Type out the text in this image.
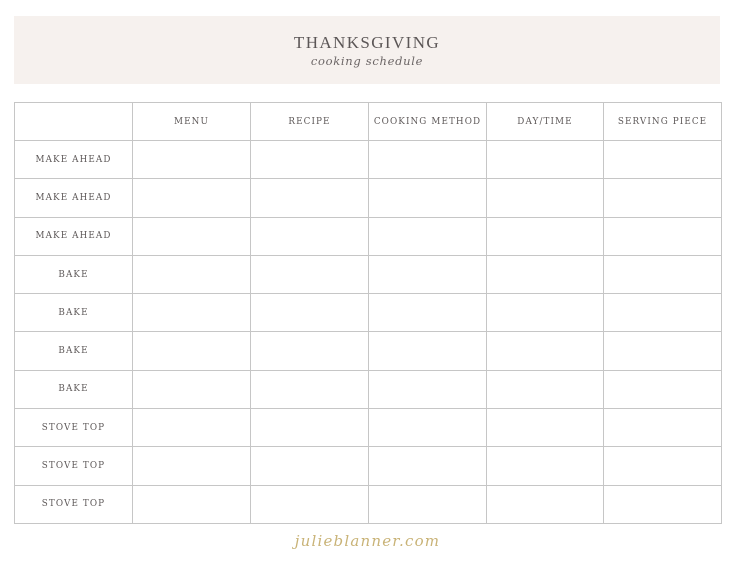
THANKSGIVING
cooking schedule
	MENU	RECIPE	COOKING METHOD	DAY/TIME	SERVING PIECE
MAKE AHEAD					
MAKE AHEAD					
MAKE AHEAD					
BAKE					
BAKE					
BAKE					
BAKE					
STOVE TOP					
STOVE TOP					
STOVE TOP					
julieblanner.com
